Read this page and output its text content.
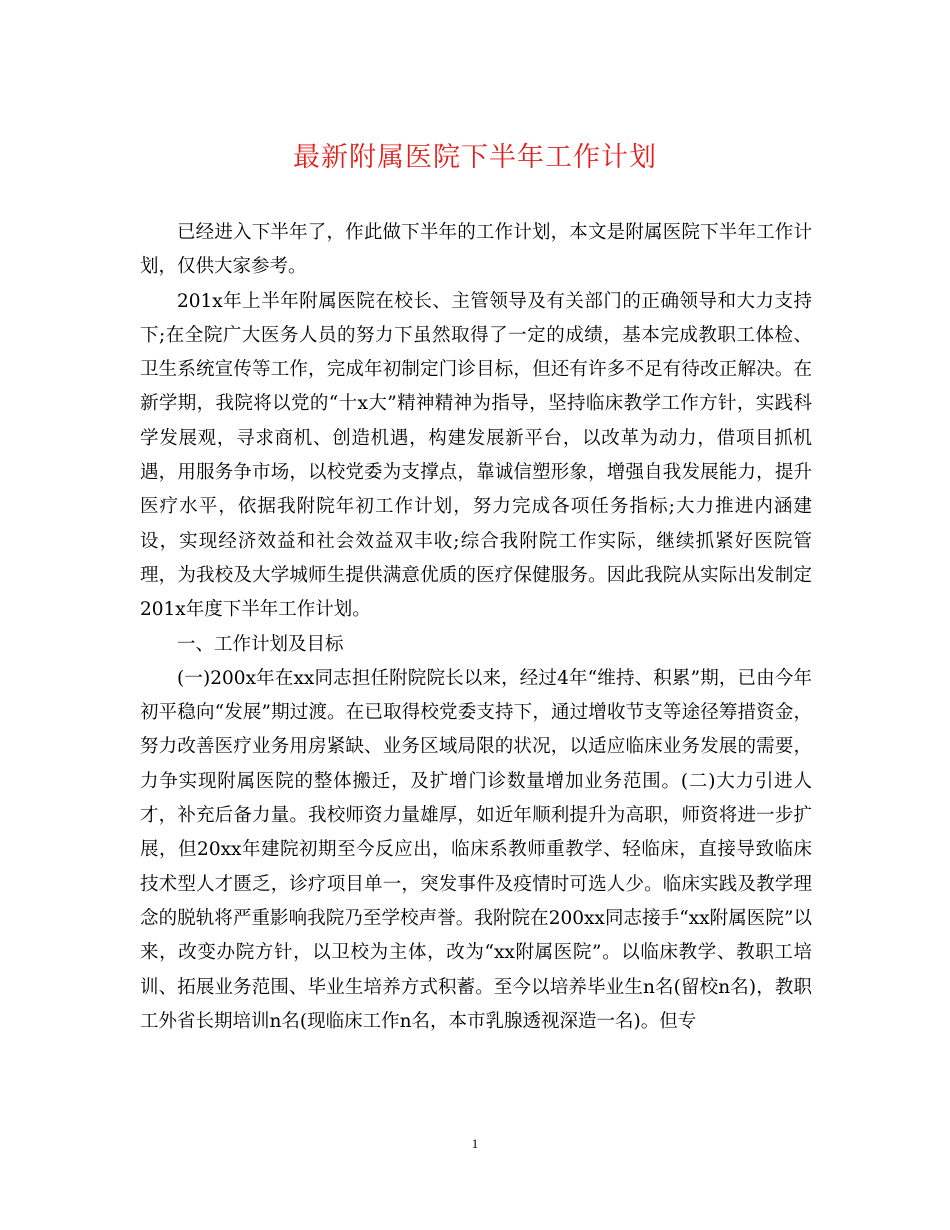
最新附属医院下半年工作计划

已经进入下半年了，作此做下半年的工作计划，本文是附属医院下半年工作计划，仅供大家参考。

201x年上半年附属医院在校长、主管领导及有关部门的正确领导和大力支持下;在全院广大医务人员的努力下虽然取得了一定的成绩，基本完成教职工体检、卫生系统宣传等工作，完成年初制定门诊目标，但还有许多不足有待改正解决。在新学期，我院将以党的“十x大”精神精神为指导，坚持临床教学工作方针，实践科学发展观，寻求商机、创造机遇，构建发展新平台，以改革为动力，借项目抓机遇，用服务争市场，以校党委为支撑点，靠诚信塑形象，增强自我发展能力，提升医疗水平，依据我附院年初工作计划，努力完成各项任务指标;大力推进内涵建设，实现经济效益和社会效益双丰收;综合我附院工作实际，继续抓紧好医院管理，为我校及大学城师生提供满意优质的医疗保健服务。因此我院从实际出发制定201x年度下半年工作计划。

一、工作计划及目标

(一)200x年在xx同志担任附院院长以来，经过4年“维持、积累”期，已由今年初平稳向“发展”期过渡。在已取得校党委支持下，通过增收节支等途径筹措资金，努力改善医疗业务用房紧缺、业务区域局限的状况，以适应临床业务发展的需要，力争实现附属医院的整体搬迁，及扩增门诊数量增加业务范围。(二)大力引进人才，补充后备力量。我校师资力量雄厚，如近年顺利提升为高职，师资将进一步扩展，但20xx年建院初期至今反应出，临床系教师重教学、轻临床，直接导致临床技术型人才匮乏，诊疗项目单一，突发事件及疫情时可选人少。临床实践及教学理念的脱轨将严重影响我院乃至学校声誉。我附院在200xx同志接手“xx附属医院”以来，改变办院方针，以卫校为主体，改为“xx附属医院”。以临床教学、教职工培训、拓展业务范围、毕业生培养方式积蓄。至今以培养毕业生n名(留校n名)，教职工外省长期培训n名(现临床工作n名，本市乳腺透视深造一名)。但专

1
